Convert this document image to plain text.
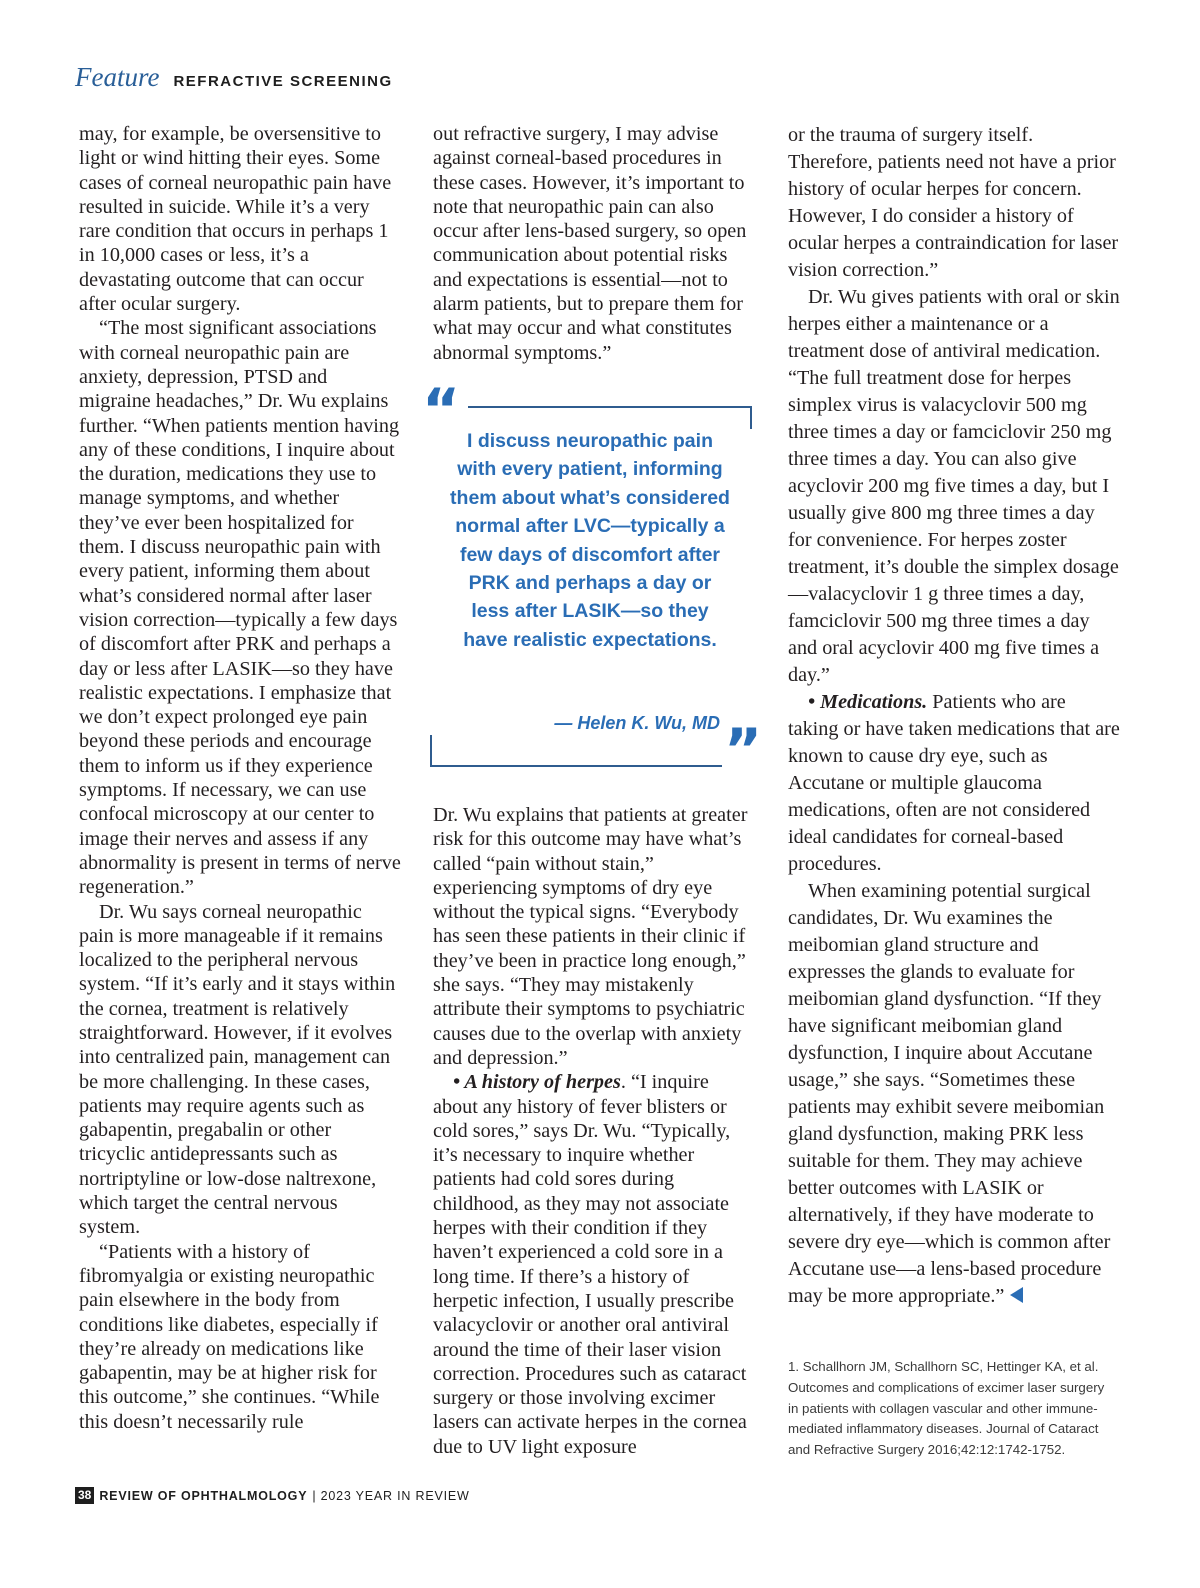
Feature REFRACTIVE SCREENING

may, for example, be oversensitive to light or wind hitting their eyes. Some cases of corneal neuropathic pain have resulted in suicide. While it’s a very rare condition that occurs in perhaps 1 in 10,000 cases or less, it’s a devastating outcome that can occur after ocular surgery.

“The most significant associations with corneal neuropathic pain are anxiety, depression, PTSD and migraine headaches,” Dr. Wu explains further. “When patients mention having any of these conditions, I inquire about the duration, medications they use to manage symptoms, and whether they’ve ever been hospitalized for them. I discuss neuropathic pain with every patient, informing them about what’s considered normal after laser vision correction—typically a few days of discomfort after PRK and perhaps a day or less after LASIK—so they have realistic expectations. I emphasize that we don’t expect prolonged eye pain beyond these periods and encourage them to inform us if they experience symptoms. If necessary, we can use confocal microscopy at our center to image their nerves and assess if any abnormality is present in terms of nerve regeneration.”

Dr. Wu says corneal neuropathic pain is more manageable if it remains localized to the peripheral nervous system. “If it’s early and it stays within the cornea, treatment is relatively straightforward. However, if it evolves into centralized pain, management can be more challenging. In these cases, patients may require agents such as gabapentin, pregabalin or other tricyclic antidepressants such as nortriptyline or low-dose naltrexone, which target the central nervous system.

“Patients with a history of fibromyalgia or existing neuropathic pain elsewhere in the body from conditions like diabetes, especially if they’re already on medications like gabapentin, may be at higher risk for this outcome,” she continues. “While this doesn’t necessarily rule

out refractive surgery, I may advise against corneal-based procedures in these cases. However, it’s important to note that neuropathic pain can also occur after lens-based surgery, so open communication about potential risks and expectations is essential—not to alarm patients, but to prepare them for what may occur and what constitutes abnormal symptoms.”

“ I discuss neuropathic pain with every patient, informing them about what’s considered normal after LVC—typically a few days of discomfort after PRK and perhaps a day or less after LASIK—so they have realistic expectations.
— Helen K. Wu, MD ”

Dr. Wu explains that patients at greater risk for this outcome may have what’s called “pain without stain,” experiencing symptoms of dry eye without the typical signs. “Everybody has seen these patients in their clinic if they’ve been in practice long enough,” she says. “They may mistakenly attribute their symptoms to psychiatric causes due to the overlap with anxiety and depression.”

• A history of herpes. “I inquire about any history of fever blisters or cold sores,” says Dr. Wu. “Typically, it’s necessary to inquire whether patients had cold sores during childhood, as they may not associate herpes with their condition if they haven’t experienced a cold sore in a long time. If there’s a history of herpetic infection, I usually prescribe valacyclovir or another oral antiviral around the time of their laser vision correction. Procedures such as cataract surgery or those involving excimer lasers can activate herpes in the cornea due to UV light exposure

or the trauma of surgery itself. Therefore, patients need not have a prior history of ocular herpes for concern. However, I do consider a history of ocular herpes a contraindication for laser vision correction.”

Dr. Wu gives patients with oral or skin herpes either a maintenance or a treatment dose of antiviral medication. “The full treatment dose for herpes simplex virus is valacyclovir 500 mg three times a day or famciclovir 250 mg three times a day. You can also give acyclovir 200 mg five times a day, but I usually give 800 mg three times a day for convenience. For herpes zoster treatment, it’s double the simplex dosage—valacyclovir 1 g three times a day, famciclovir 500 mg three times a day and oral acyclovir 400 mg five times a day.”

• Medications. Patients who are taking or have taken medications that are known to cause dry eye, such as Accutane or multiple glaucoma medications, often are not considered ideal candidates for corneal-based procedures.

When examining potential surgical candidates, Dr. Wu examines the meibomian gland structure and expresses the glands to evaluate for meibomian gland dysfunction. “If they have significant meibomian gland dysfunction, I inquire about Accutane usage,” she says. “Sometimes these patients may exhibit severe meibomian gland dysfunction, making PRK less suitable for them. They may achieve better outcomes with LASIK or alternatively, if they have moderate to severe dry eye—which is common after Accutane use—a lens-based procedure may be more appropriate.”

1. Schallhorn JM, Schallhorn SC, Hettinger KA, et al. Outcomes and complications of excimer laser surgery in patients with collagen vascular and other immune-mediated inflammatory diseases. Journal of Cataract and Refractive Surgery 2016;42:12:1742-1752.
38 REVIEW OF OPHTHALMOLOGY | 2023 YEAR IN REVIEW
